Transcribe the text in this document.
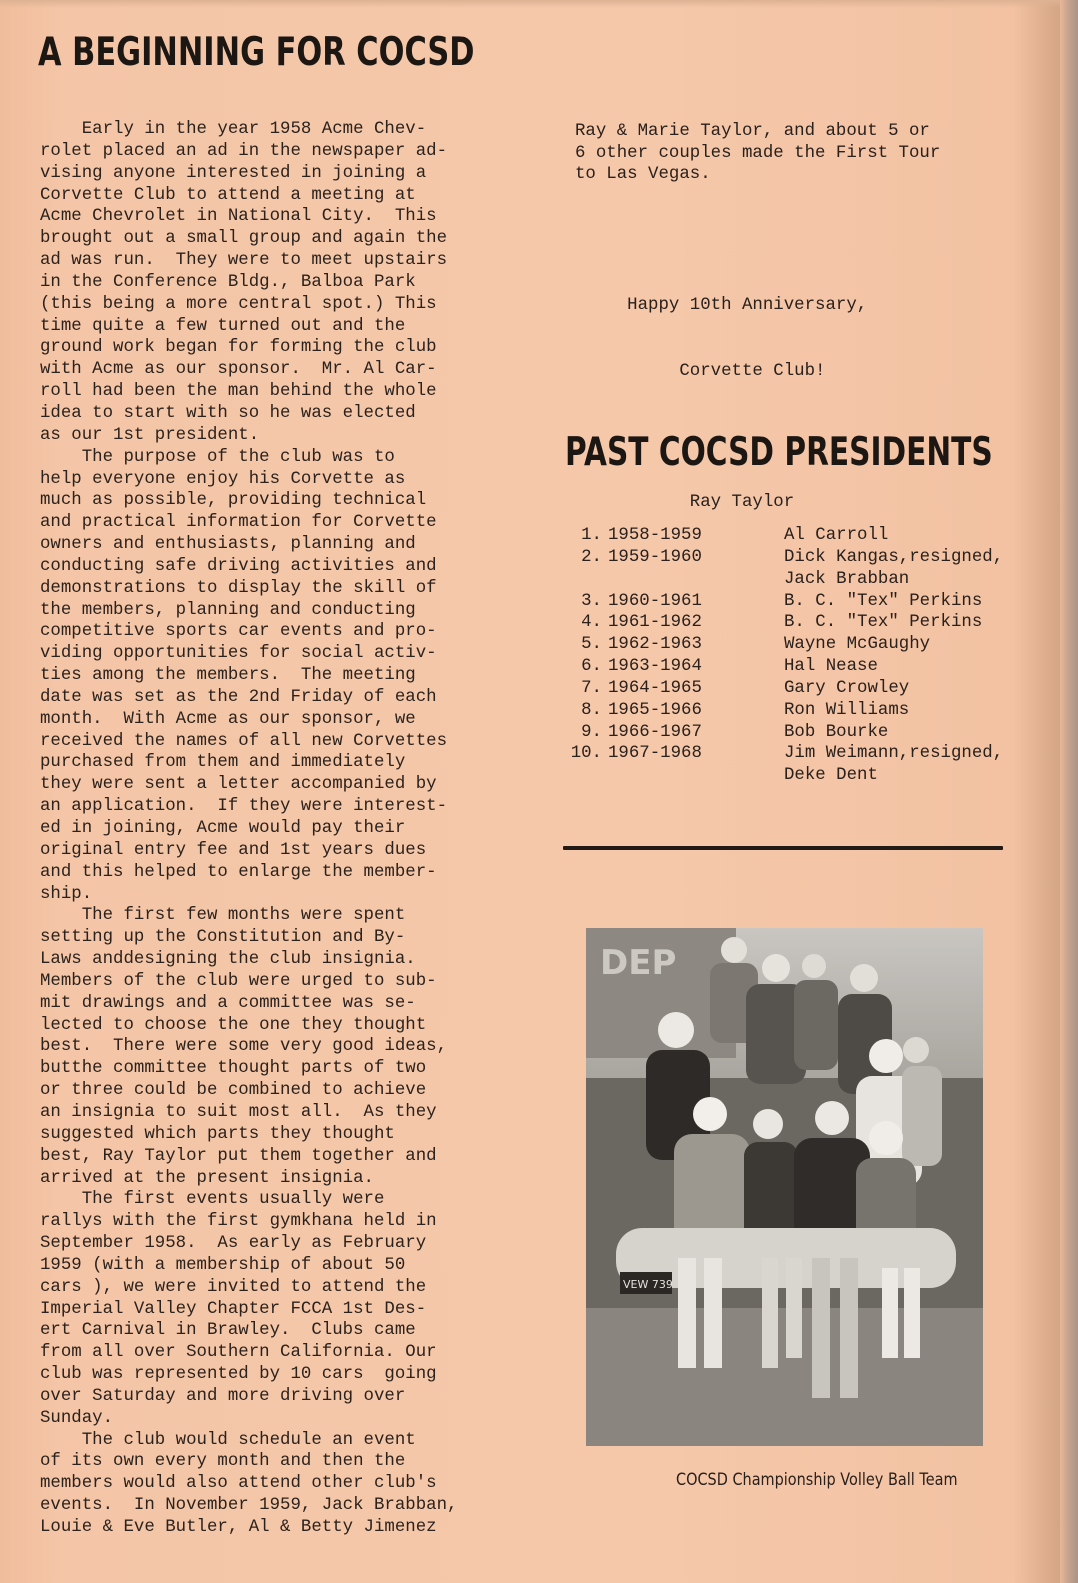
A BEGINNING FOR COCSD
Early in the year 1958 Acme Chev-
rolet placed an ad in the newspaper ad-
vising anyone interested in joining a
Corvette Club to attend a meeting at
Acme Chevrolet in National City.  This
brought out a small group and again the
ad was run.  They were to meet upstairs
in the Conference Bldg., Balboa Park
(this being a more central spot.) This
time quite a few turned out and the
ground work began for forming the club
with Acme as our sponsor.  Mr. Al Car-
roll had been the man behind the whole
idea to start with so he was elected
as our 1st president.
The purpose of the club was to
help everyone enjoy his Corvette as
much as possible, providing technical
and practical information for Corvette
owners and enthusiasts, planning and
conducting safe driving activities and
demonstrations to display the skill of
the members, planning and conducting
competitive sports car events and pro-
viding opportunities for social activ-
ties among the members.  The meeting
date was set as the 2nd Friday of each
month.  With Acme as our sponsor, we
received the names of all new Corvettes
purchased from them and immediately
they were sent a letter accompanied by
an application.  If they were interest-
ed in joining, Acme would pay their
original entry fee and 1st years dues
and this helped to enlarge the member-
ship.
The first few months were spent
setting up the Constitution and By-
Laws anddesigning the club insignia.
Members of the club were urged to sub-
mit drawings and a committee was se-
lected to choose the one they thought
best.  There were some very good ideas,
butthe committee thought parts of two
or three could be combined to achieve
an insignia to suit most all.  As they
suggested which parts they thought
best, Ray Taylor put them together and
arrived at the present insignia.
The first events usually were
rallys with the first gymkhana held in
September 1958.  As early as February
1959 (with a membership of about 50
cars ), we were invited to attend the
Imperial Valley Chapter FCCA 1st Des-
ert Carnival in Brawley.  Clubs came
from all over Southern California. Our
club was represented by 10 cars  going
over Saturday and more driving over
Sunday.
The club would schedule an event
of its own every month and then the
members would also attend other club's
events.  In November 1959, Jack Brabban,
Louie & Eve Butler, Al & Betty Jimenez

Ray & Marie Taylor, and about 5 or
6 other couples made the First Tour
to Las Vegas.

Happy 10th Anniversary,

Corvette Club!

Ray Taylor

PAST COCSD PRESIDENTS
1. 1958-1959	Al Carroll
2. 1959-1960	Dick Kangas,resigned,
Jack Brabban
3. 1960-1961	B. C. "Tex" Perkins
4. 1961-1962	B. C. "Tex" Perkins
5. 1962-1963	Wayne McGaughy
6. 1963-1964	Hal Nease
7. 1964-1965	Gary Crowley
8. 1965-1966	Ron Williams
9. 1966-1967	Bob Bourke
10. 1967-1968	Jim Weimann,resigned,
Deke Dent
DEP
VEW 739

COCSD Championship Volley Ball Team
